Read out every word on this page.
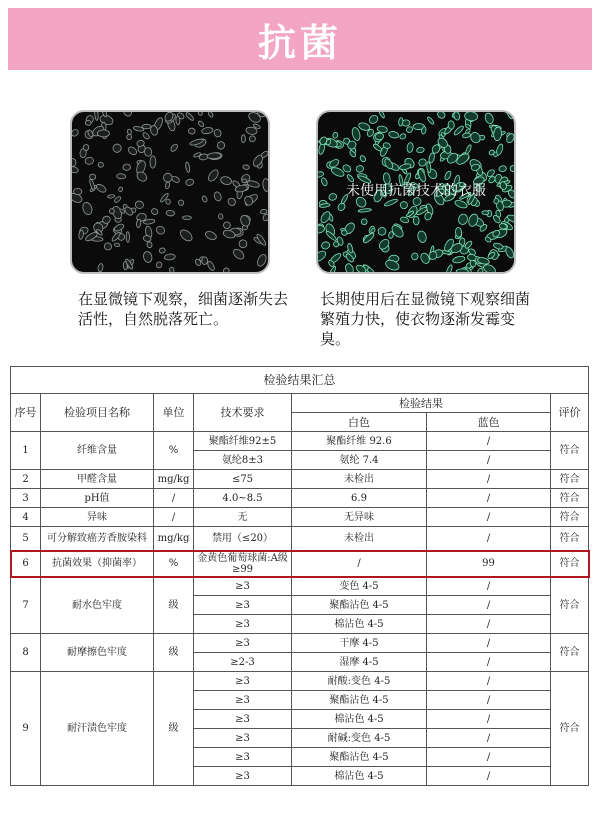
抗菌
未使用抗菌技术的衣服
在显微镜下观察，细菌逐渐失去活性，自然脱落死亡。
长期使用后在显微镜下观察细菌繁殖力快，使衣物逐渐发霉变臭。
检验结果汇总						
序号	检验项目名称	单位	技术要求	检验结果		评价
				白色	蓝色	
1	纤维含量	%	聚酯纤维92±5	聚酯纤维 92.6	/	符合
			氨纶8±3	氨纶 7.4	/	
2	甲醛含量	mg/kg	≤75	未检出	/	符合
3	pH值	/	4.0~8.5	6.9	/	符合
4	异味	/	无	无异味	/	符合
5	可分解致癌芳香胺染料	mg/kg	禁用（≤20）	未检出	/	符合
6	抗菌效果（抑菌率）	%	金黄色葡萄球菌:A级≥99	/	99	符合
7	耐水色牢度	级	≥3	变色 4-5	/	符合
			≥3	聚酯沾色 4-5	/	
			≥3	棉沾色 4-5	/	
8	耐摩擦色牢度	级	≥3	干摩 4-5	/	符合
			≥2-3	湿摩 4-5	/	
9	耐汗渍色牢度	级	≥3	耐酸:变色 4-5	/	符合
			≥3	聚酯沾色 4-5	/	
			≥3	棉沾色 4-5	/	
			≥3	耐碱:变色 4-5	/	
			≥3	聚酯沾色 4-5	/	
			≥3	棉沾色 4-5	/	
